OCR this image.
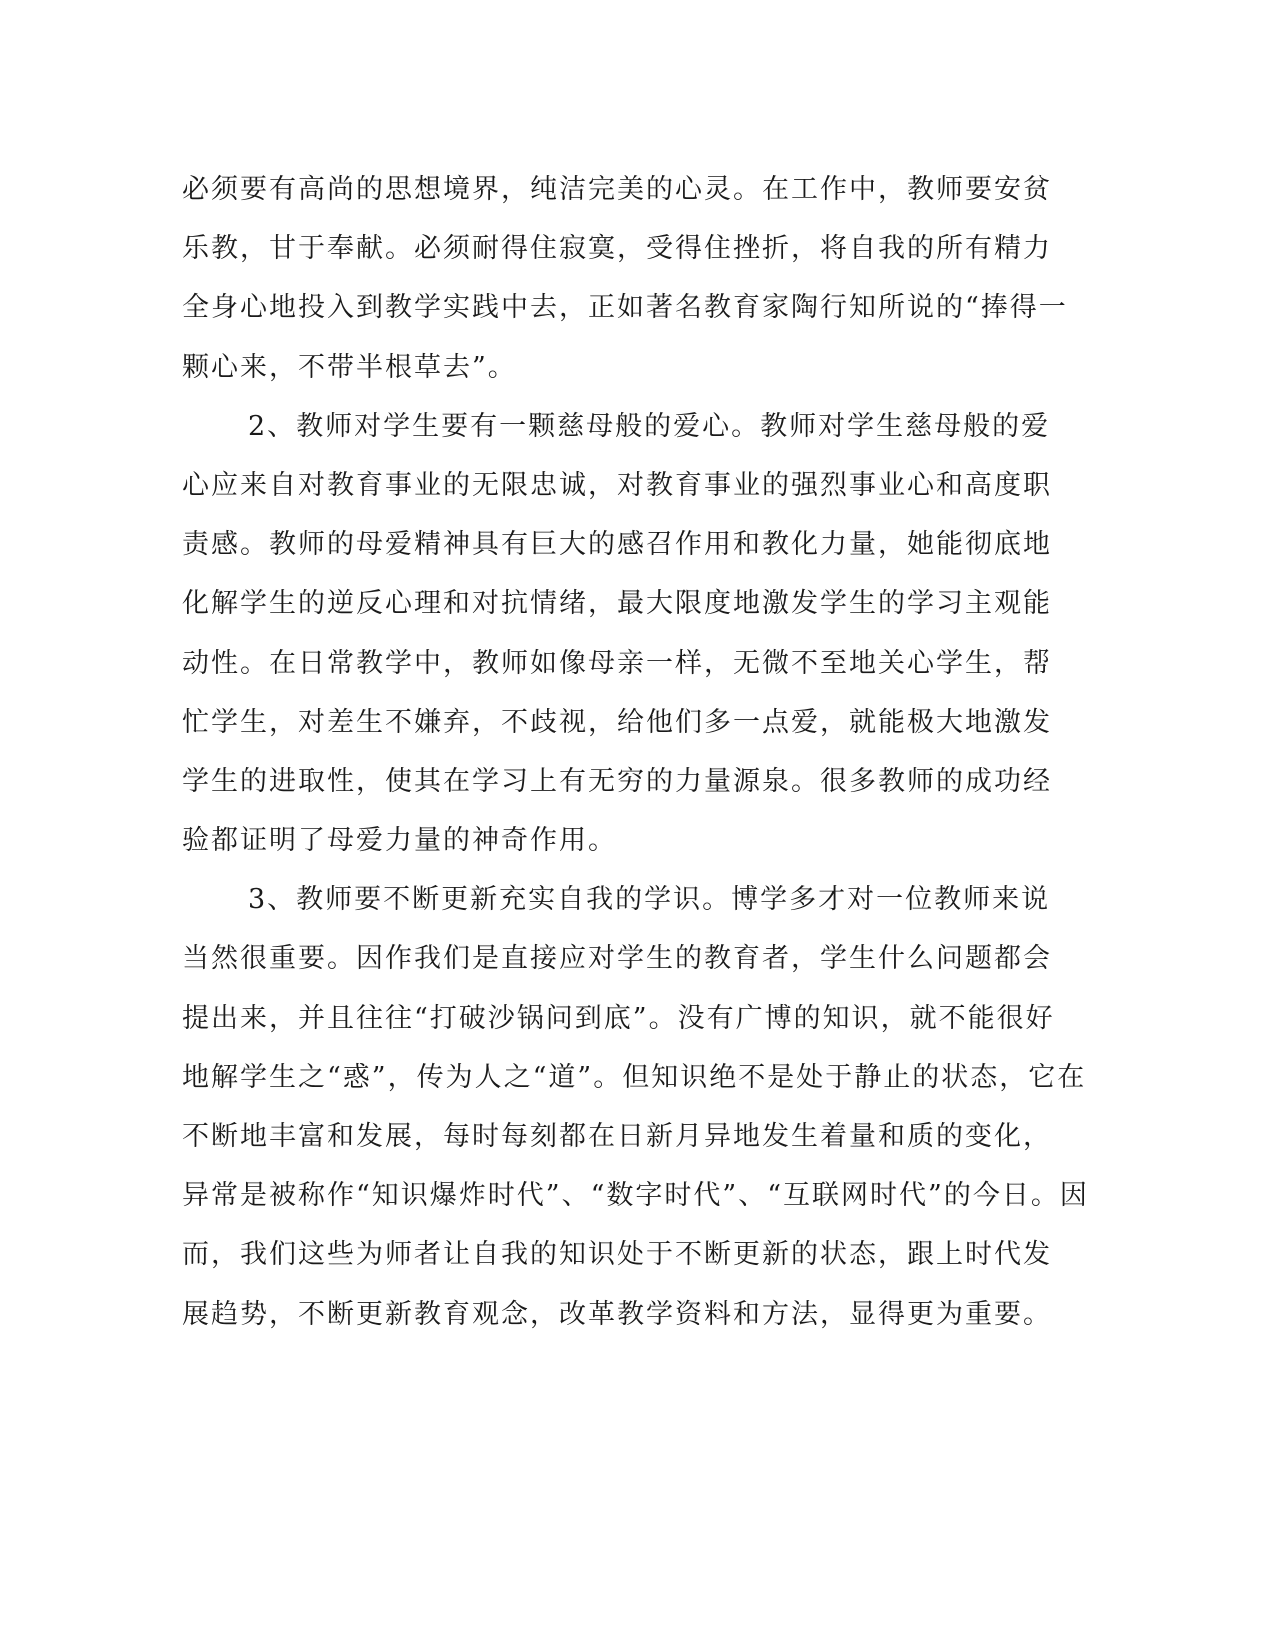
必须要有高尚的思想境界，纯洁完美的心灵。在工作中，教师要安贫
乐教，甘于奉献。必须耐得住寂寞，受得住挫折，将自我的所有精力
全身心地投入到教学实践中去，正如著名教育家陶行知所说的“捧得一
颗心来，不带半根草去”。
2、教师对学生要有一颗慈母般的爱心。教师对学生慈母般的爱
心应来自对教育事业的无限忠诚，对教育事业的强烈事业心和高度职
责感。教师的母爱精神具有巨大的感召作用和教化力量，她能彻底地
化解学生的逆反心理和对抗情绪，最大限度地激发学生的学习主观能
动性。在日常教学中，教师如像母亲一样，无微不至地关心学生，帮
忙学生，对差生不嫌弃，不歧视，给他们多一点爱，就能极大地激发
学生的进取性，使其在学习上有无穷的力量源泉。很多教师的成功经
验都证明了母爱力量的神奇作用。
3、教师要不断更新充实自我的学识。博学多才对一位教师来说
当然很重要。因作我们是直接应对学生的教育者，学生什么问题都会
提出来，并且往往“打破沙锅问到底”。没有广博的知识，就不能很好
地解学生之“惑”，传为人之“道”。但知识绝不是处于静止的状态，它在
不断地丰富和发展，每时每刻都在日新月异地发生着量和质的变化，
异常是被称作“知识爆炸时代”、“数字时代”、“互联网时代”的今日。因
而，我们这些为师者让自我的知识处于不断更新的状态，跟上时代发
展趋势，不断更新教育观念，改革教学资料和方法，显得更为重要。
